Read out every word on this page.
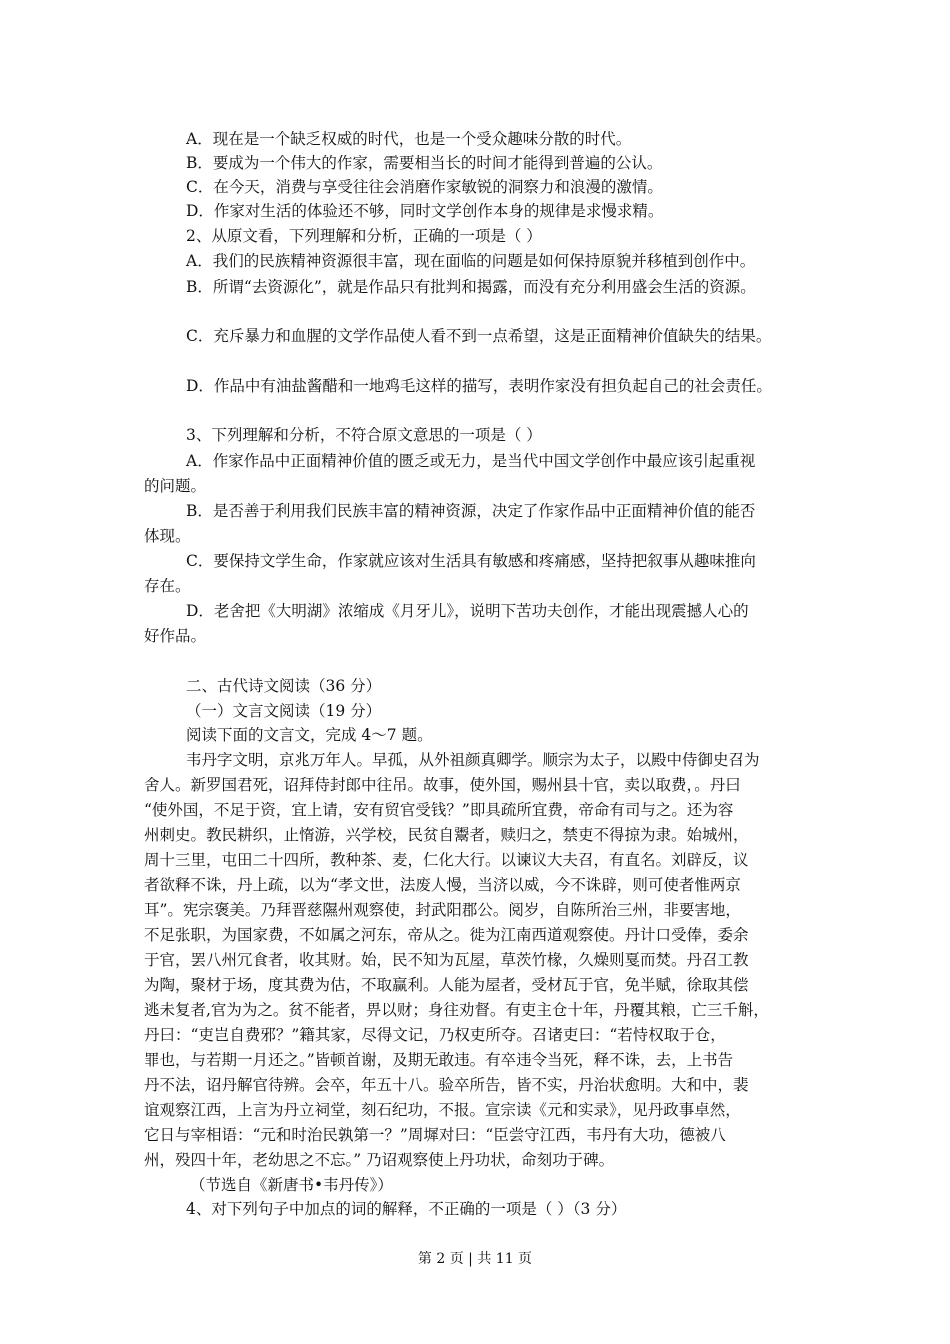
A．现在是一个缺乏权威的时代，也是一个受众趣味分散的时代。
B．要成为一个伟大的作家，需要相当长的时间才能得到普遍的公认。
C．在今天，消费与享受往往会消磨作家敏锐的洞察力和浪漫的激情。
D．作家对生活的体验还不够，同时文学创作本身的规律是求慢求精。
2、从原文看，下列理解和分析，正确的一项是（ ）
A．我们的民族精神资源很丰富，现在面临的问题是如何保持原貌并移植到创作中。
B．所谓“去资源化”，就是作品只有批判和揭露，而没有充分利用盛会生活的资源。
C．充斥暴力和血腥的文学作品使人看不到一点希望，这是正面精神价值缺失的结果。
D．作品中有油盐酱醋和一地鸡毛这样的描写，表明作家没有担负起自己的社会责任。
3、下列理解和分析，不符合原文意思的一项是（ ）
A．作家作品中正面精神价值的匮乏或无力，是当代中国文学创作中最应该引起重视
的问题。
B．是否善于利用我们民族丰富的精神资源，决定了作家作品中正面精神价值的能否
体现。
C．要保持文学生命，作家就应该对生活具有敏感和疼痛感，坚持把叙事从趣味推向
存在。
D．老舍把《大明湖》浓缩成《月牙儿》，说明下苦功夫创作，才能出现震撼人心的
好作品。
二、古代诗文阅读（36 分）
（一）文言文阅读（19 分）
阅读下面的文言文，完成 4～7 题。
韦丹字文明，京兆万年人。早孤，从外祖颜真卿学。顺宗为太子，以殿中侍御史召为
舍人。新罗国君死，诏拜侍封郎中往吊。故事，使外国，赐州县十官，卖以取费，。丹曰
“使外国，不足于资，宜上请，安有贸官受钱？”即具疏所宜费，帝命有司与之。还为容
州刺史。教民耕织，止惰游，兴学校，民贫自鬻者，赎归之，禁吏不得掠为隶。始城州，
周十三里，屯田二十四所，教种茶、麦，仁化大行。以谏议大夫召，有直名。刘辟反，议
者欲释不诛，丹上疏，以为“孝文世，法废人慢，当济以威，今不诛辟，则可使者惟两京
耳”。宪宗褒美。乃拜晋慈隰州观察使，封武阳郡公。阅岁，自陈所治三州，非要害地，
不足张职，为国家费，不如属之河东，帝从之。徙为江南西道观察使。丹计口受俸，委余
于官，罢八州冗食者，收其财。始，民不知为瓦屋，草茨竹椽，久燥则戛而焚。丹召工教
为陶，聚材于场，度其费为估，不取赢利。人能为屋者，受材瓦于官，免半赋，徐取其偿
逃未复者,官为为之。贫不能者，畀以财；身往劝督。有吏主仓十年，丹覆其粮，亡三千斛，
丹曰：“吏岂自费邪？”籍其家，尽得文记，乃权吏所夺。召诸吏曰：“若恃权取于仓，
罪也，与若期一月还之。”皆顿首谢，及期无敢违。有卒违令当死，释不诛，去，上书告
丹不法，诏丹解官待辨。会卒，年五十八。验卒所告，皆不实，丹治状愈明。大和中，裴
谊观察江西，上言为丹立祠堂，刻石纪功，不报。宣宗读《元和实录》，见丹政事卓然，
它日与宰相语：“元和时治民孰第一？”周墀对曰：“臣尝守江西，韦丹有大功，德被八
州，殁四十年，老幼思之不忘。” 乃诏观察使上丹功状，命刻功于碑。
（节选自《新唐书•韦丹传》）
4、对下列句子中加点的词的解释，不正确的一项是（ ）（3 分）
第 2 页 | 共 11 页
